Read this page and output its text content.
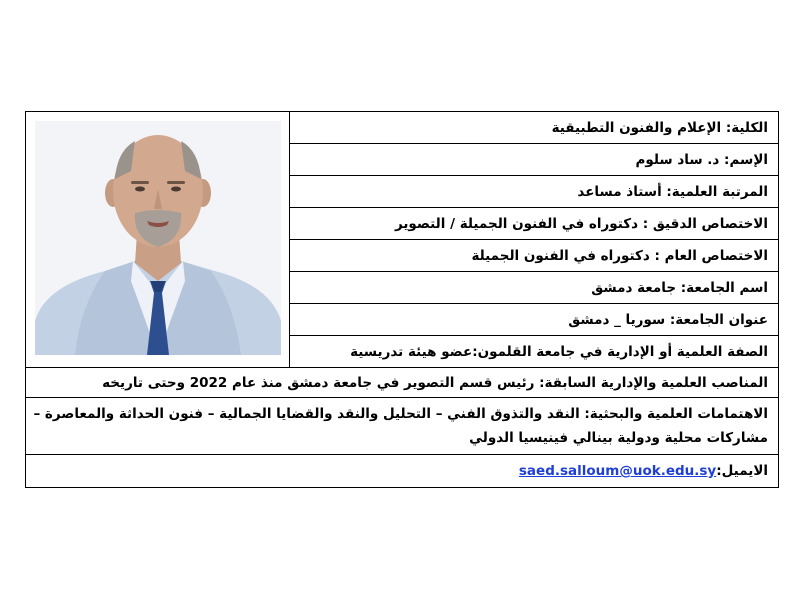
الكلية: الإعلام والفنون التطبيقية
الإسم: د. ساد سلوم
المرتبة العلمية: أستاذ مساعد
الاختصاص الدقيق : دكتوراه في الفنون الجميلة / التصوير
الاختصاص العام : دكتوراه في الفنون الجميلة
اسم الجامعة: جامعة دمشق
عنوان الجامعة: سوريا _ دمشق
الصفة العلمية أو الإدارية في جامعة القلمون:عضو هيئة تدريسية
المناصب العلمية والإدارية السابقة: رئيس قسم التصوير في جامعة دمشق منذ عام 2022 وحتى تاريخه
الاهتمامات العلمية والبحثية: النقد والتذوق الفني – التحليل والنقد والقضايا الجمالية – فنون الحداثة والمعاصرة – مشاركات محلية ودولية بينالي فينيسيا الدولي
الايميل:
saed.salloum@uok.edu.sy
